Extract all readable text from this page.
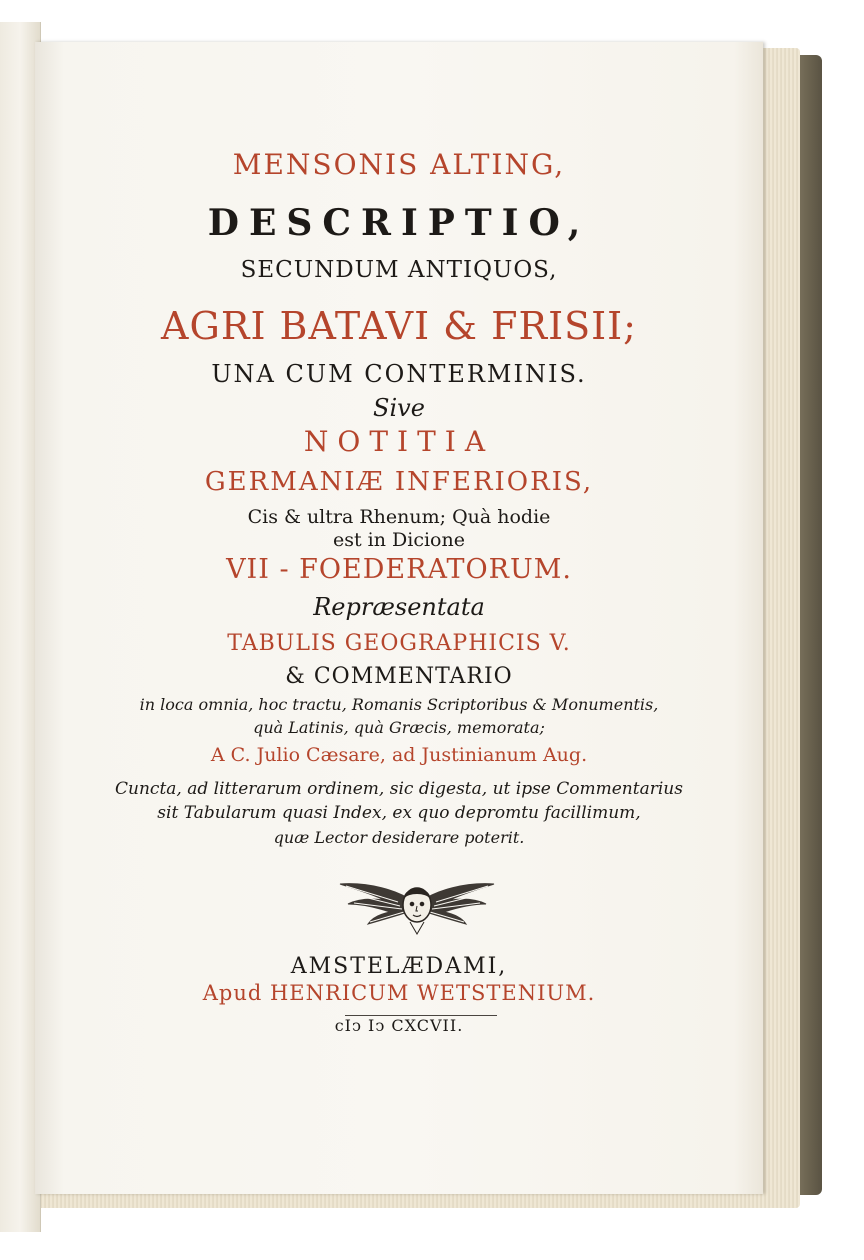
MENSONIS ALTING,
DESCRIPTIO,
SECUNDUM ANTIQUOS,
AGRI BATAVI & FRISII;
UNA CUM CONTERMINIS.
Sive
NOTITIA
GERMANIÆ INFERIORIS,
Cis & ultra Rhenum; Quà hodie
est in Dicione
VII - FOEDERATORUM.
Repræsentata
TABULIS GEOGRAPHICIS V.
& COMMENTARIO
in loca omnia, hoc tractu, Romanis Scriptoribus & Monumentis,
quà Latinis, quà Græcis, memorata;
A C. Julio Cæsare, ad Justinianum Aug.
Cuncta, ad litterarum ordinem, sic digesta, ut ipse Commentarius
sit Tabularum quasi Index, ex quo depromtu facillimum,
quæ Lector desiderare poterit.
AMSTELÆDAMI,
Apud HENRICUM WETSTENIUM.
cIↄ Iↄ CXCVII.
